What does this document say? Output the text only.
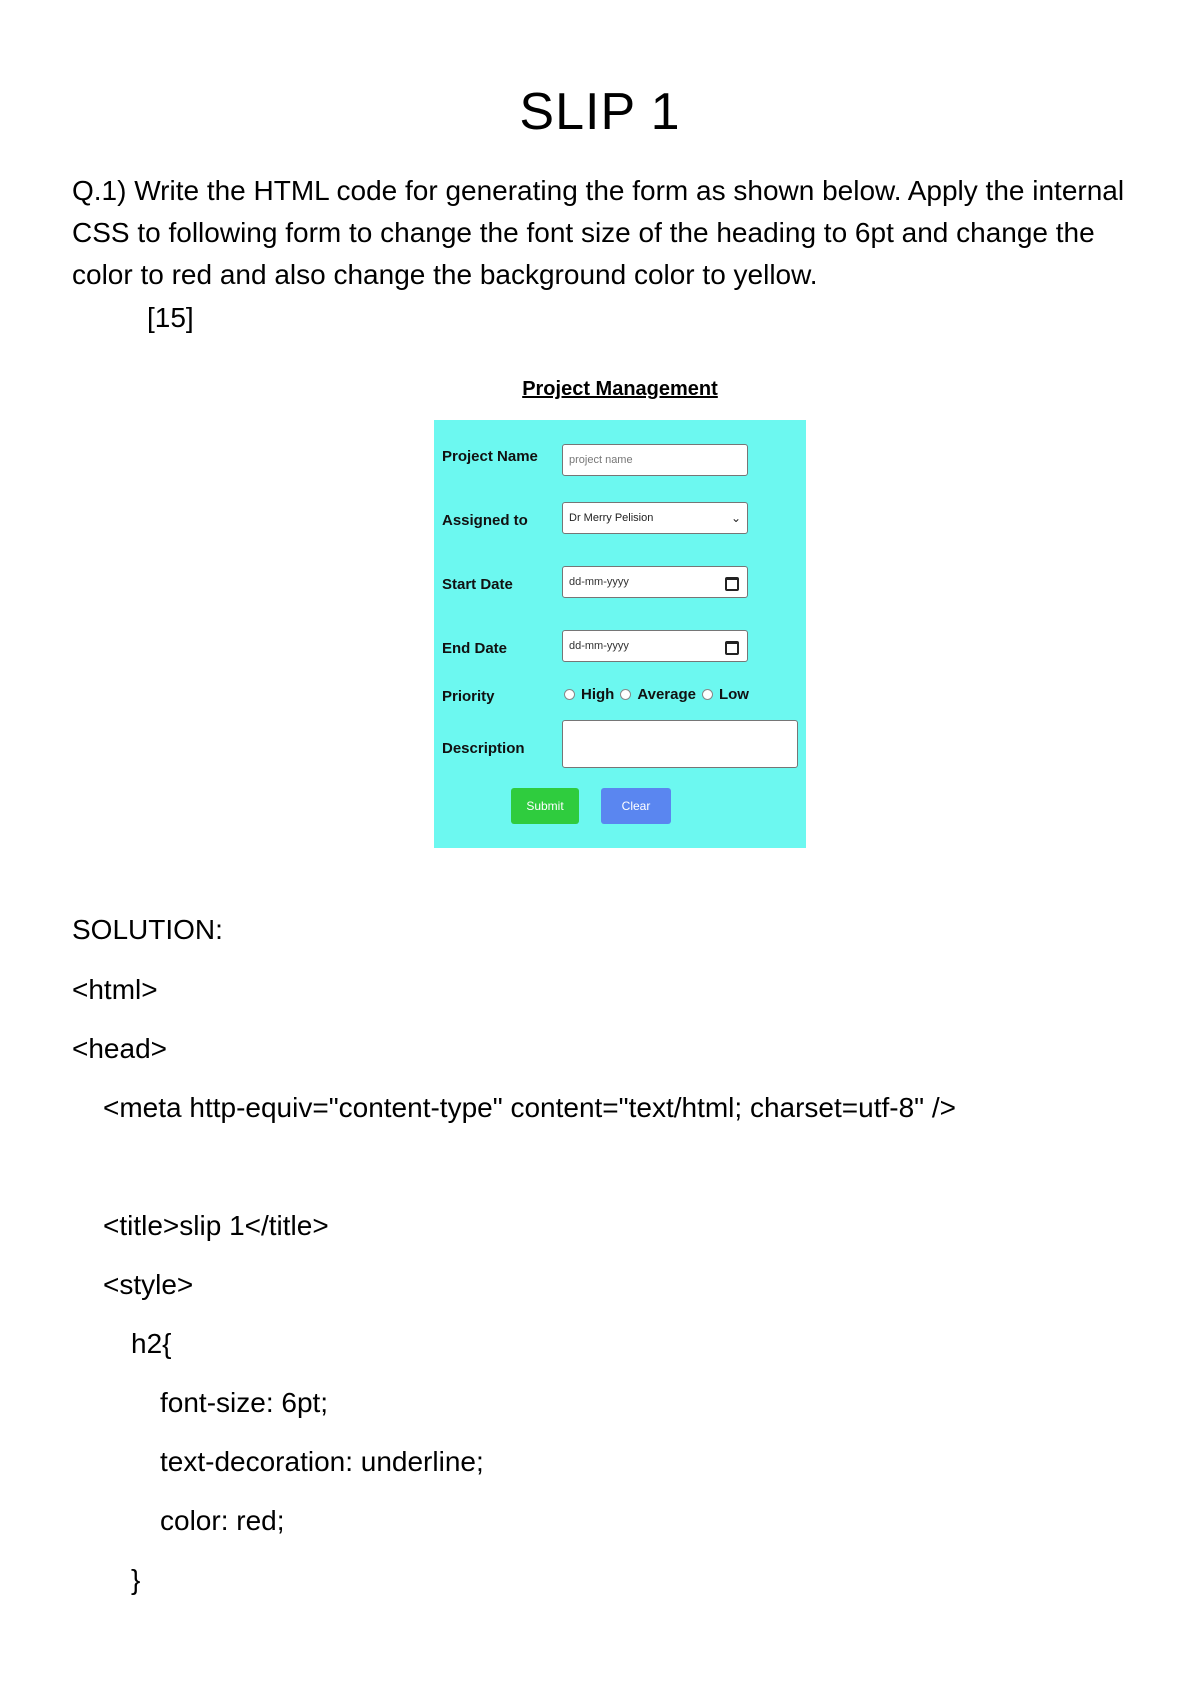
SLIP 1

Q.1) Write the HTML code for generating the form as shown below. Apply the internal CSS to following form to change the font size of the heading to 6pt and change the color to red and also change the background color to yellow.

[15]
Project Management
Project Name	project name
Assigned to	Dr Merry Pelision	⌄
Start Date	dd-mm-yyyy
End Date	dd-mm-yyyy
Priority	High Average Low
Description
Submit	Clear
SOLUTION:
<html>
<head>
<meta http-equiv="content-type" content="text/html; charset=utf-8" />
<title>slip 1</title>
<style>
h2{
font-size: 6pt;
text-decoration: underline;
color: red;
}
